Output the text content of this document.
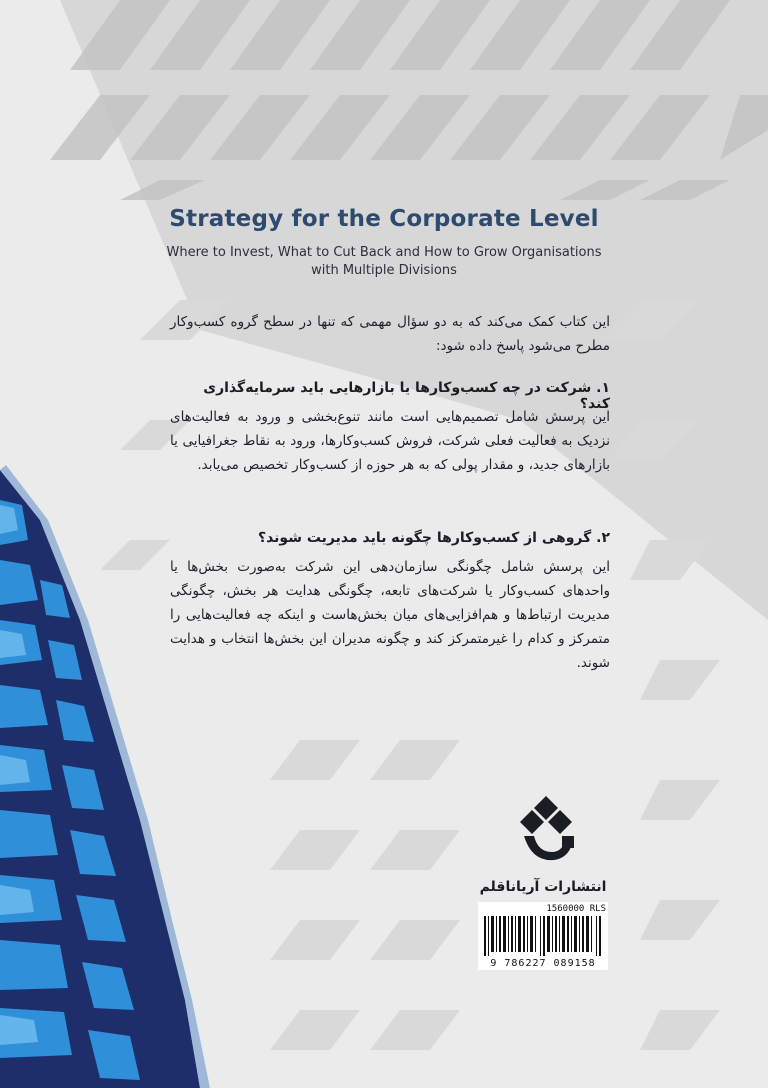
Strategy for the Corporate Level
Where to Invest, What to Cut Back and How to Grow Organisations
with Multiple Divisions
این کتاب کمک می‌کند که به دو سؤال مهمی که تنها در سطح گروه کسب‌وکار مطرح می‌شود پاسخ داده شود:
۱. شرکت در چه کسب‌وکارها یا بازارهایی باید سرمایه‌گذاری کند؟
این پرسش شامل تصمیم‌هایی است مانند تنوع‌بخشی و ورود به فعالیت‌های نزدیک به فعالیت فعلی شرکت، فروش کسب‌وکارها، ورود به نقاط جغرافیایی یا بازارهای جدید، و مقدار پولی که به هر حوزه از کسب‌وکار تخصیص می‌یابد.
۲. گروهی از کسب‌وکارها چگونه باید مدیریت شوند؟
این پرسش شامل چگونگی سازمان‌دهی این شرکت به‌صورت بخش‌ها یا واحدهای کسب‌وکار یا شرکت‌های تابعه، چگونگی هدایت هر بخش، چگونگی مدیریت ارتباط‌ها و هم‌افزایی‌های میان بخش‌هاست و اینکه چه فعالیت‌هایی را متمرکز و کدام را غیرمتمرکز کند و چگونه مدیران این بخش‌ها انتخاب و هدایت شوند.
انتشارات آریاناقلم
1560000 RLS
9 786227 089158
